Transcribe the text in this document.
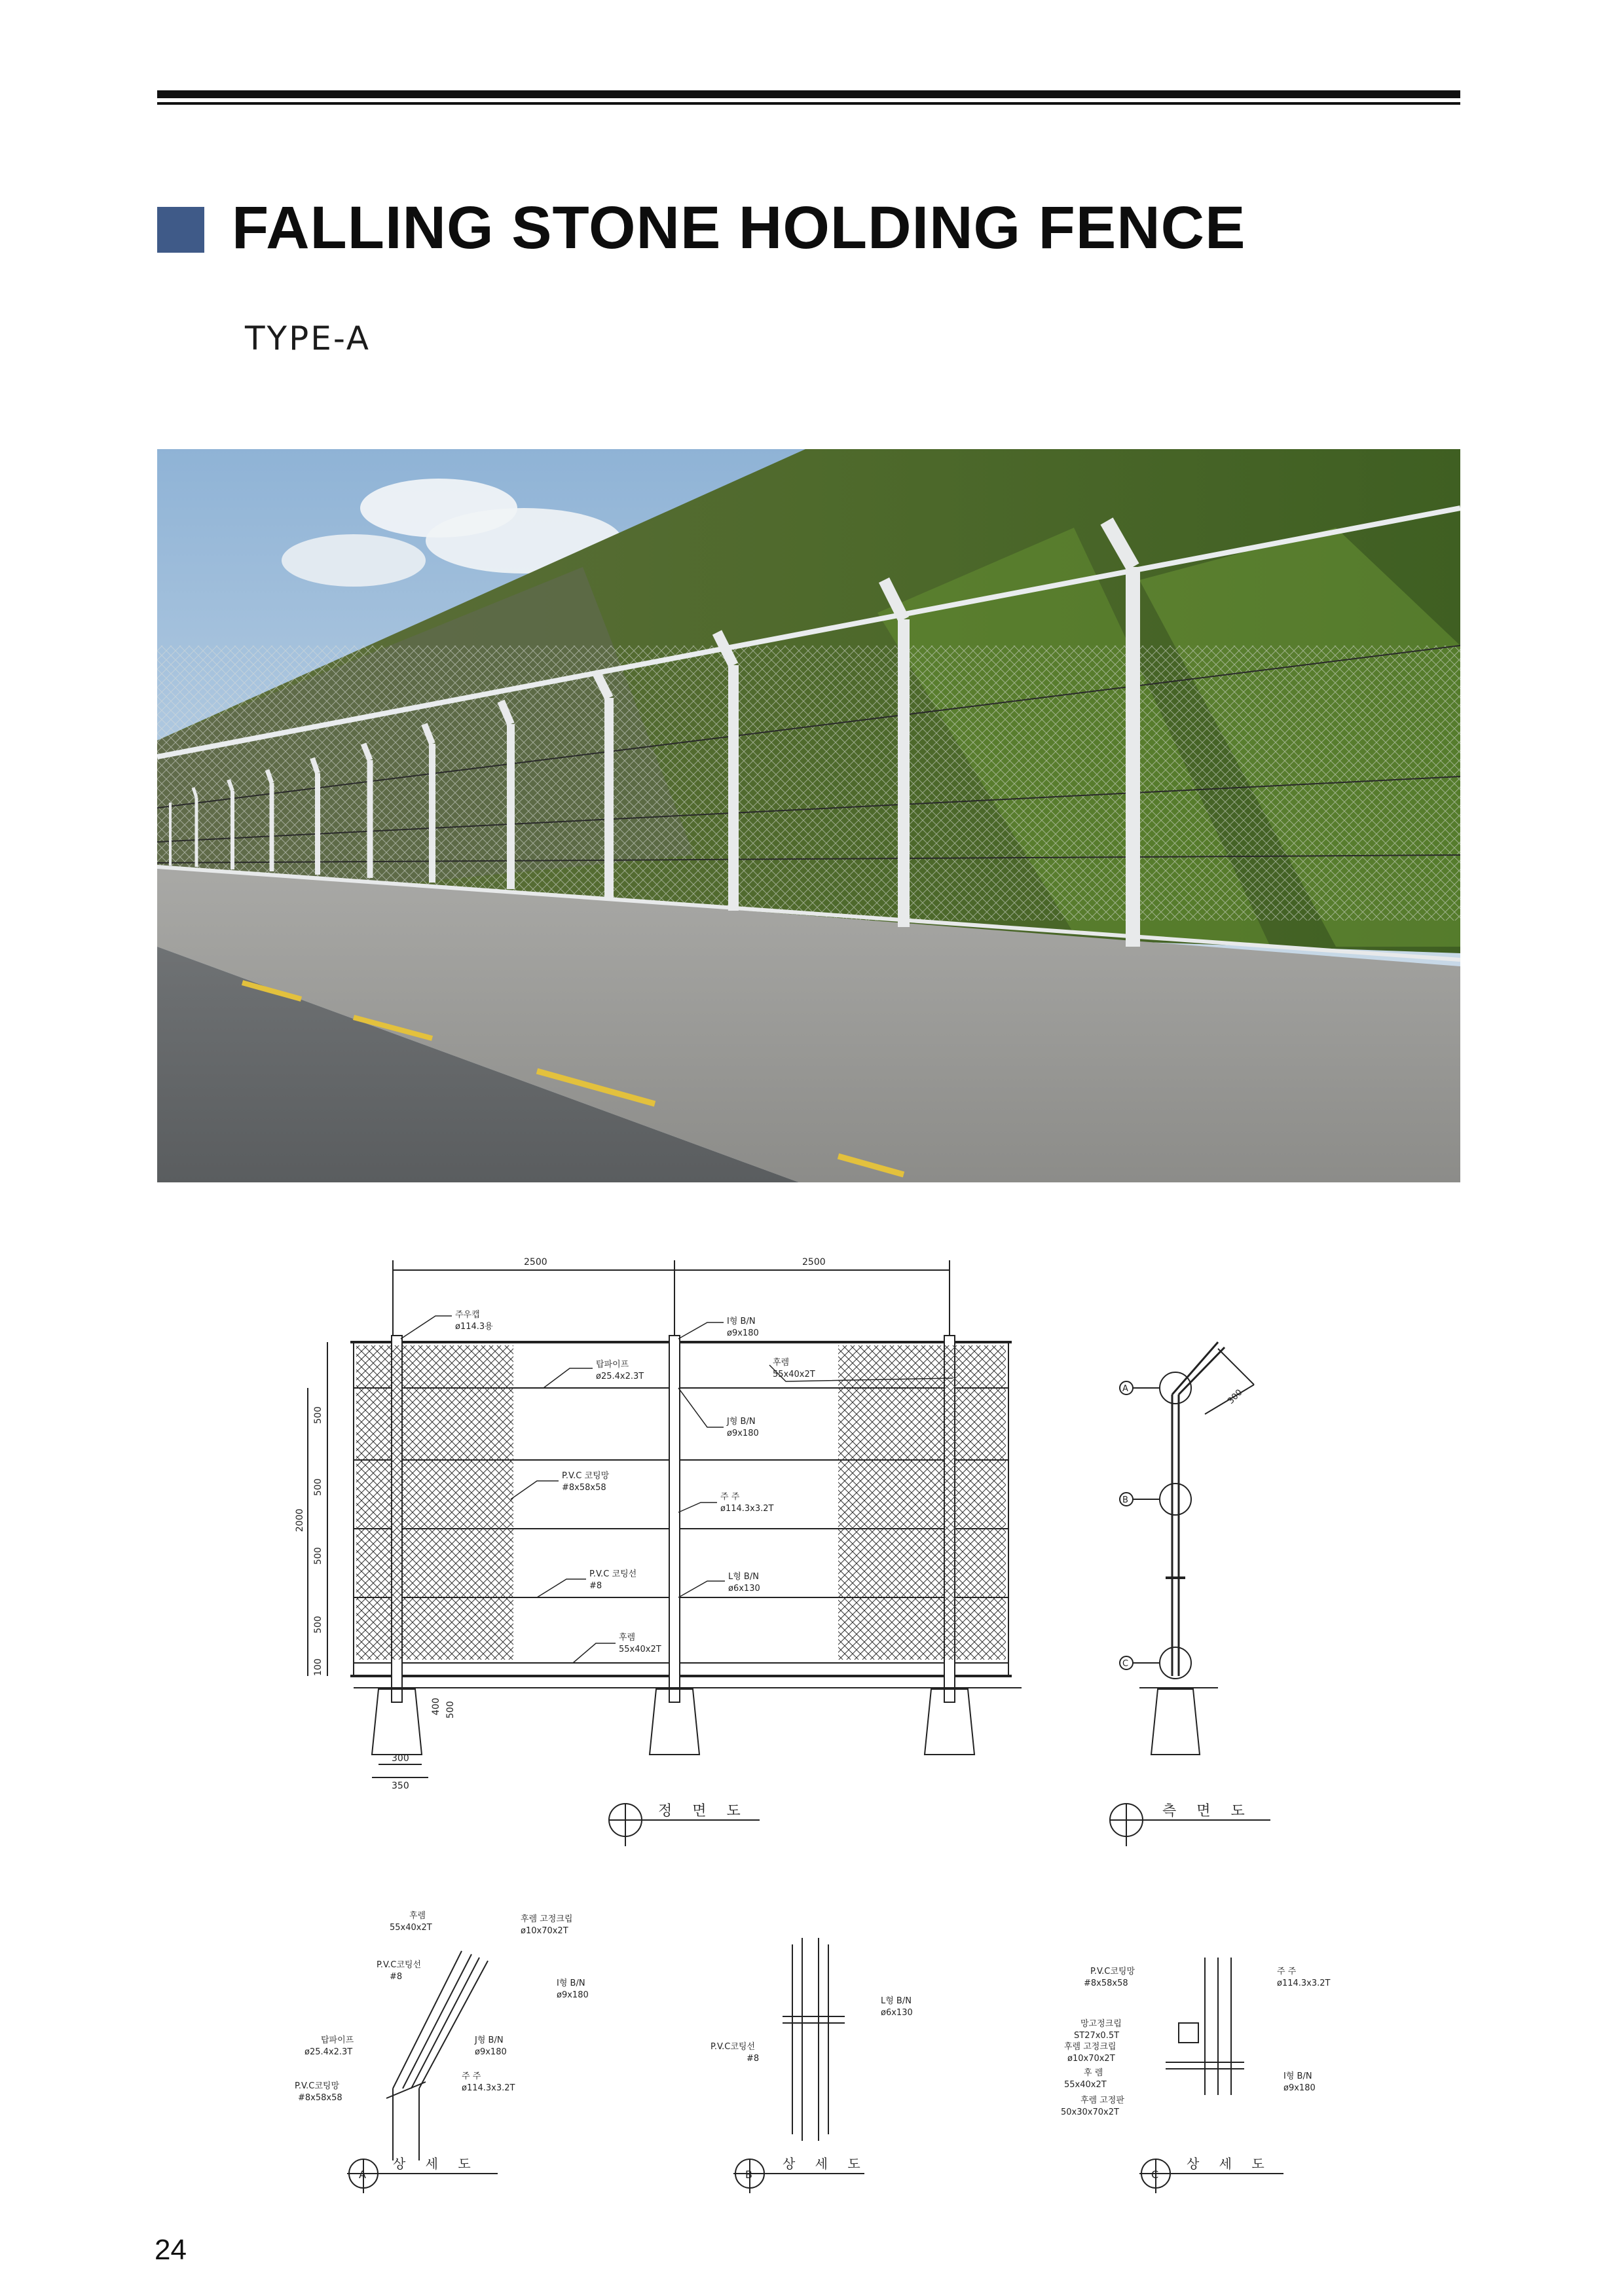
FALLING STONE HOLDING FENCE
TYPE-A
2500	2500
2000
500
500
500
500
100
400 500
300
350
주우캡
ø114.3용
I형 B/N
ø9x180
후렘
55x40x2T
탑파이프
ø25.4x2.3T
J형 B/N
ø9x180
P.V.C 코팅망
#8x58x58
주 주
ø114.3x3.2T
P.V.C 코팅선
#8
L형 B/N
ø6x130
후렘
55x40x2T
정 면 도
A
B
C
300
측 면 도
후렘
55x40x2T
후렘 고정크립
ø10x70x2T
P.V.C코팅선
#8
I형 B/N
ø9x180
탑파이프
ø25.4x2.3T
J형 B/N
ø9x180
P.V.C코팅망
#8x58x58
주 주
ø114.3x3.2T
A
상 세 도
L형 B/N
ø6x130
P.V.C코팅선
#8
B
상 세 도
P.V.C코팅망
#8x58x58
주 주
ø114.3x3.2T
망고정크립
ST27x0.5T
후렘 고정크립
ø10x70x2T
후 렘
55x40x2T
I형 B/N
ø9x180
후렘 고정판
50x30x70x2T
C
상 세 도
24
